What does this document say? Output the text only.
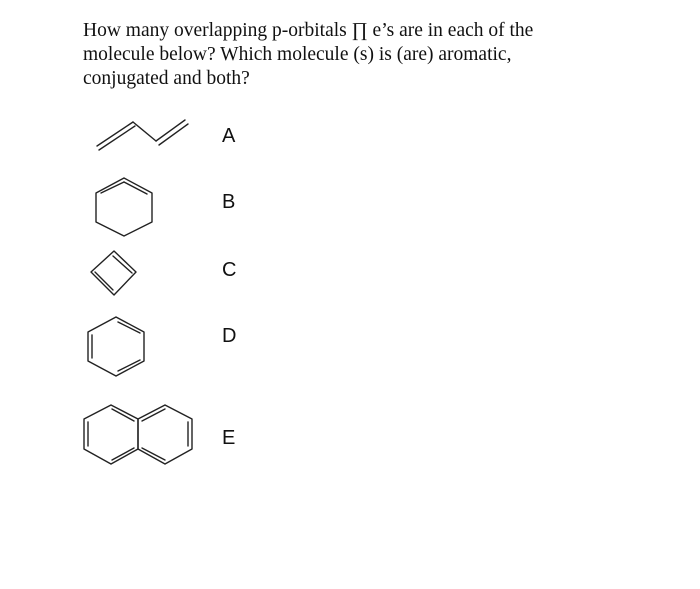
How many overlapping p-orbitals ∏ e’s are in each of the
molecule below? Which molecule (s) is (are) aromatic,
conjugated and both?
A
B
C
D
E
